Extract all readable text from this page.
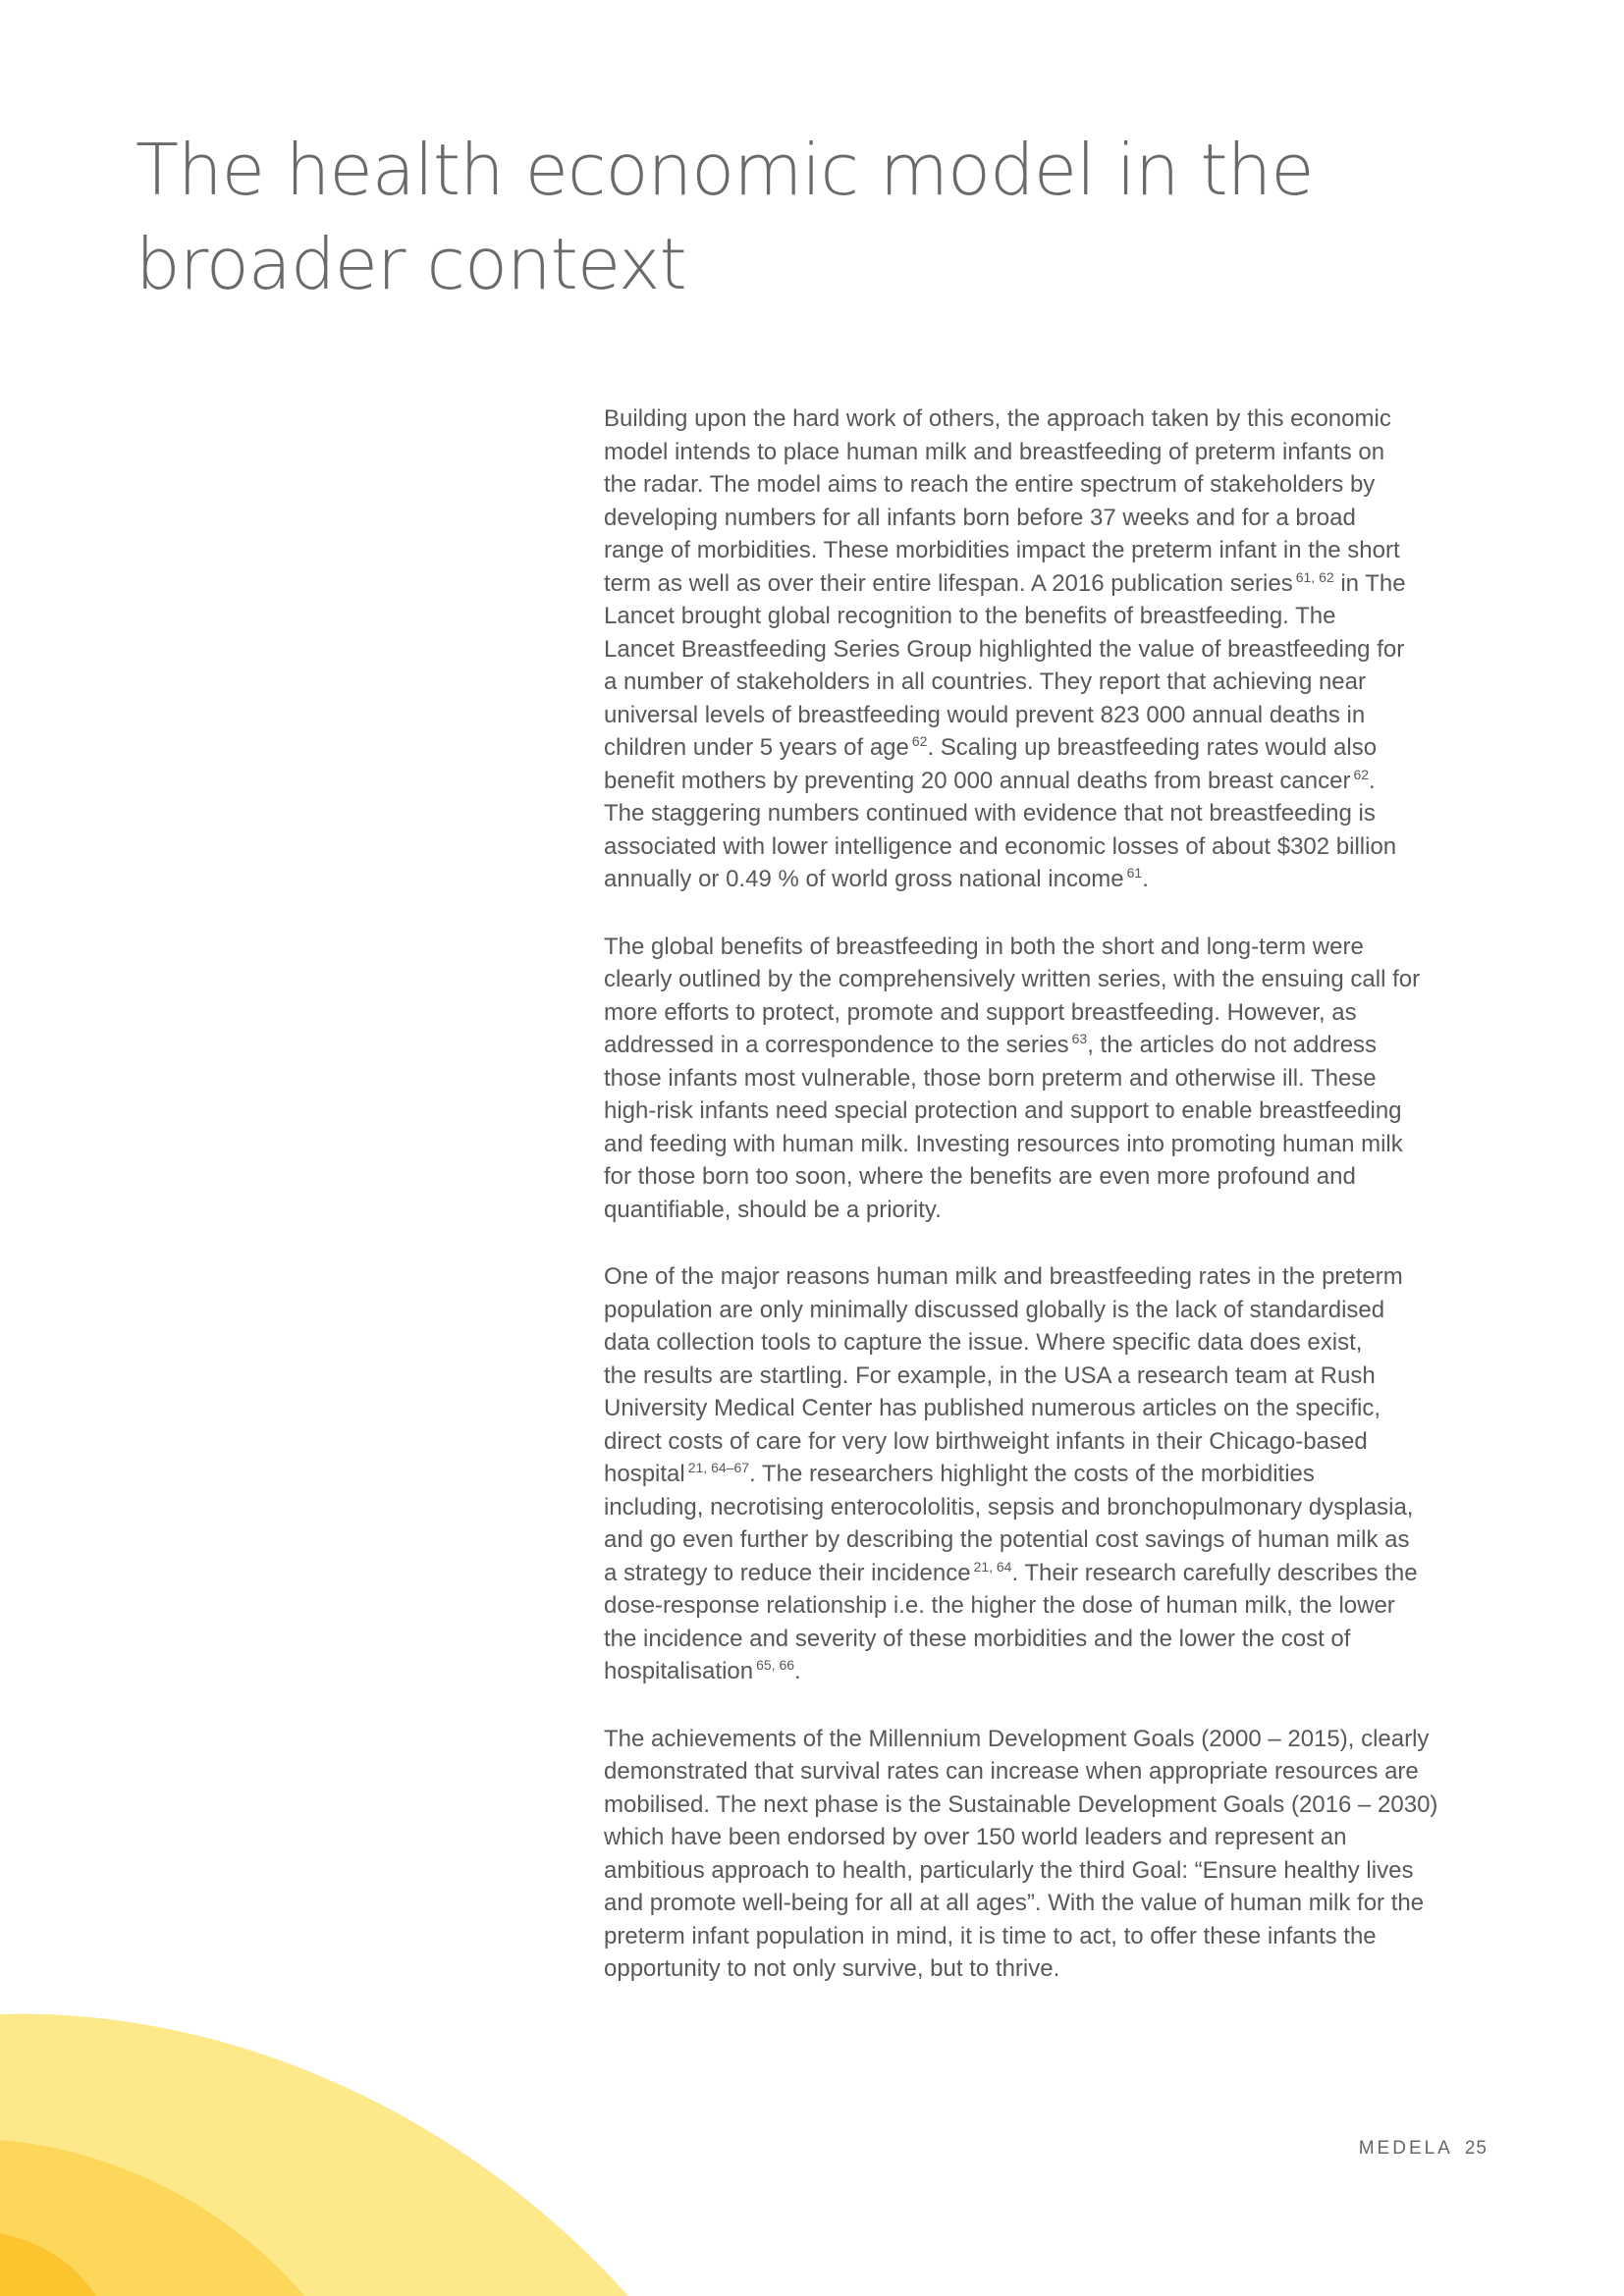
The health economic model in the
broader context

Building upon the hard work of others, the approach taken by this economic
model intends to place human milk and breastfeeding of preterm infants on
the radar. The model aims to reach the entire spectrum of stakeholders by
developing numbers for all infants born before 37 weeks and for a broad
range of morbidities. These morbidities impact the preterm infant in the short
term as well as over their entire lifespan. A 2016 publication series $^{61, 62}$ in The
Lancet brought global recognition to the benefits of breastfeeding. The
Lancet Breastfeeding Series Group highlighted the value of breastfeeding for
a number of stakeholders in all countries. They report that achieving near
universal levels of breastfeeding would prevent 823 000 annual deaths in
children under 5 years of age $^{62}$. Scaling up breastfeeding rates would also
benefit mothers by preventing 20 000 annual deaths from breast cancer $^{62}$.
The staggering numbers continued with evidence that not breastfeeding is
associated with lower intelligence and economic losses of about $302 billion
annually or 0.49 % of world gross national income $^{61}$.

The global benefits of breastfeeding in both the short and long-term were
clearly outlined by the comprehensively written series, with the ensuing call for
more efforts to protect, promote and support breastfeeding. However, as
addressed in a correspondence to the series $^{63}$, the articles do not address
those infants most vulnerable, those born preterm and otherwise ill. These
high-risk infants need special protection and support to enable breastfeeding
and feeding with human milk. Investing resources into promoting human milk
for those born too soon, where the benefits are even more profound and
quantifiable, should be a priority.

One of the major reasons human milk and breastfeeding rates in the preterm
population are only minimally discussed globally is the lack of standardised
data collection tools to capture the issue. Where specific data does exist,
the results are startling. For example, in the USA a research team at Rush
University Medical Center has published numerous articles on the specific,
direct costs of care for very low birthweight infants in their Chicago-based
hospital $^{21, 64-67}$. The researchers highlight the costs of the morbidities
including, necrotising enterocololitis, sepsis and bronchopulmonary dysplasia,
and go even further by describing the potential cost savings of human milk as
a strategy to reduce their incidence $^{21, 64}$. Their research carefully describes the
dose-response relationship i.e. the higher the dose of human milk, the lower
the incidence and severity of these morbidities and the lower the cost of
hospitalisation $^{65, 66}$.

The achievements of the Millennium Development Goals (2000 – 2015), clearly
demonstrated that survival rates can increase when appropriate resources are
mobilised. The next phase is the Sustainable Development Goals (2016 – 2030)
which have been endorsed by over 150 world leaders and represent an
ambitious approach to health, particularly the third Goal: “Ensure healthy lives
and promote well-being for all at all ages”. With the value of human milk for the
preterm infant population in mind, it is time to act, to offer these infants the
opportunity to not only survive, but to thrive.

MEDELA 25
